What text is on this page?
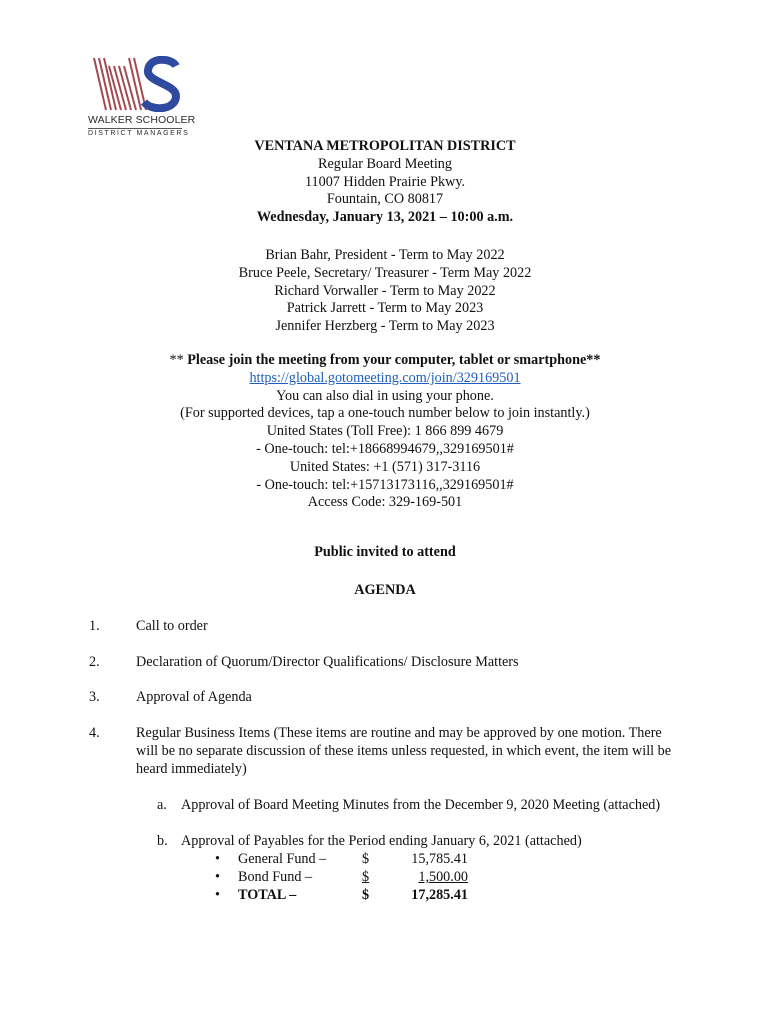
WALKER SCHOOLER
DISTRICT MANAGERS
VENTANA METROPOLITAN DISTRICT
Regular Board Meeting
11007 Hidden Prairie Pkwy.
Fountain, CO 80817
Wednesday, January 13, 2021 – 10:00 a.m.
Brian Bahr, President - Term to May 2022
Bruce Peele, Secretary/ Treasurer - Term May 2022
Richard Vorwaller - Term to May 2022
Patrick Jarrett - Term to May 2023
Jennifer Herzberg - Term to May 2023
** Please join the meeting from your computer, tablet or smartphone**
https://global.gotomeeting.com/join/329169501
You can also dial in using your phone.
(For supported devices, tap a one-touch number below to join instantly.)
United States (Toll Free): 1 866 899 4679
- One-touch: tel:+18668994679,,329169501#
United States: +1 (571) 317-3116
- One-touch: tel:+15713173116,,329169501#
Access Code: 329-169-501
Public invited to attend
AGENDA
1.	Call to order
2.	Declaration of Quorum/Director Qualifications/ Disclosure Matters
3.	Approval of Agenda
4.	Regular Business Items (These items are routine and may be approved by one motion. There will be no separate discussion of these items unless requested, in which event, the item will be heard immediately)
a. Approval of Board Meeting Minutes from the December 9, 2020 Meeting (attached)
b. Approval of Payables for the Period ending January 6, 2021 (attached)
• General Fund –	$	15,785.41
• Bond Fund –	$	1,500.00
• TOTAL –	$	17,285.41
